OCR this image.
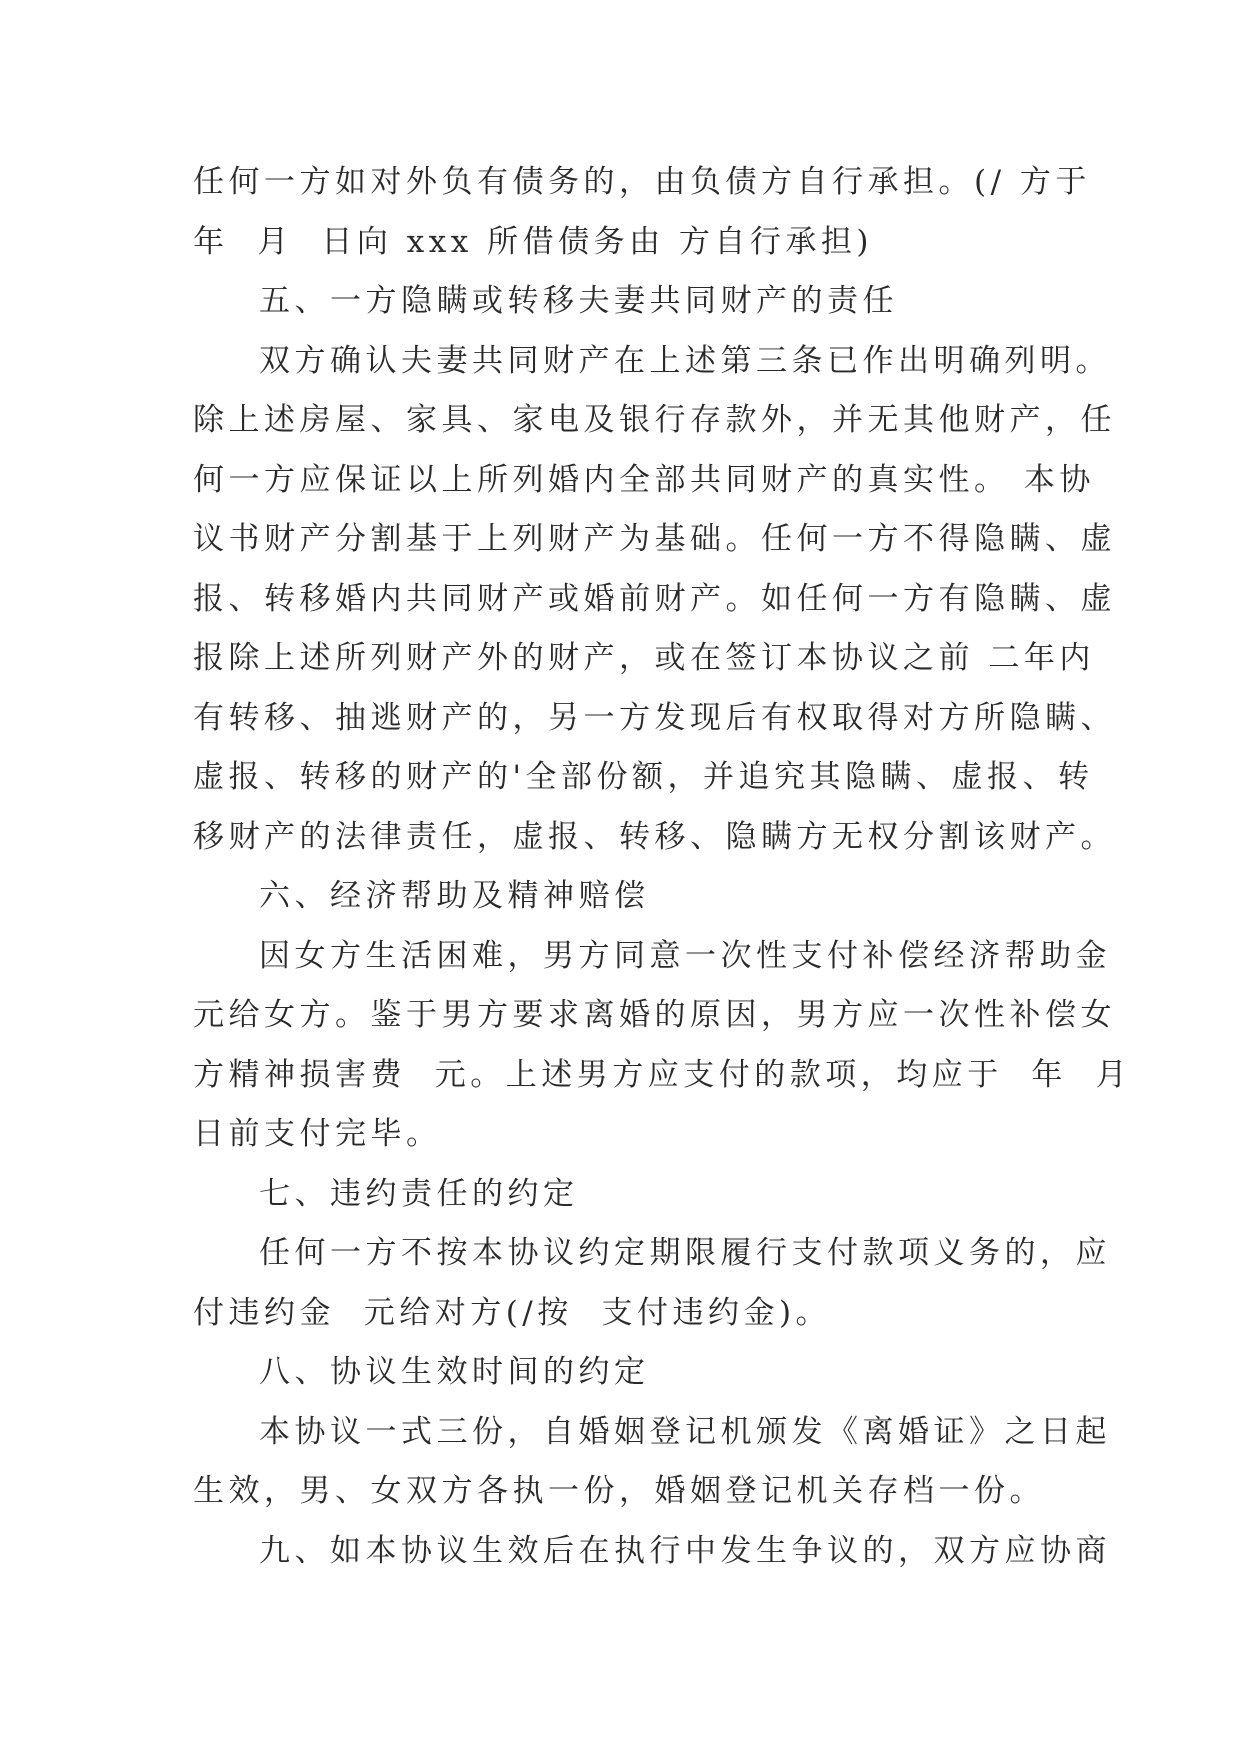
任何一方如对外负有债务的，由负债方自行承担。(/ 方于
年  月  日向 xxx 所借债务由 方自行承担)
五、一方隐瞒或转移夫妻共同财产的责任
双方确认夫妻共同财产在上述第三条已作出明确列明。
除上述房屋、家具、家电及银行存款外，并无其他财产，任
何一方应保证以上所列婚内全部共同财产的真实性。 本协
议书财产分割基于上列财产为基础。任何一方不得隐瞒、虚
报、转移婚内共同财产或婚前财产。如任何一方有隐瞒、虚
报除上述所列财产外的财产，或在签订本协议之前 二年内
有转移、抽逃财产的，另一方发现后有权取得对方所隐瞒、
虚报、转移的财产的'全部份额，并追究其隐瞒、虚报、转
移财产的法律责任，虚报、转移、隐瞒方无权分割该财产。
六、经济帮助及精神赔偿
因女方生活困难，男方同意一次性支付补偿经济帮助金
元给女方。鉴于男方要求离婚的原因，男方应一次性补偿女
方精神损害费  元。上述男方应支付的款项，均应于  年  月
日前支付完毕。
七、违约责任的约定
任何一方不按本协议约定期限履行支付款项义务的，应
付违约金  元给对方(/按  支付违约金)。
八、协议生效时间的约定
本协议一式三份，自婚姻登记机颁发《离婚证》之日起
生效，男、女双方各执一份，婚姻登记机关存档一份。
九、如本协议生效后在执行中发生争议的，双方应协商
